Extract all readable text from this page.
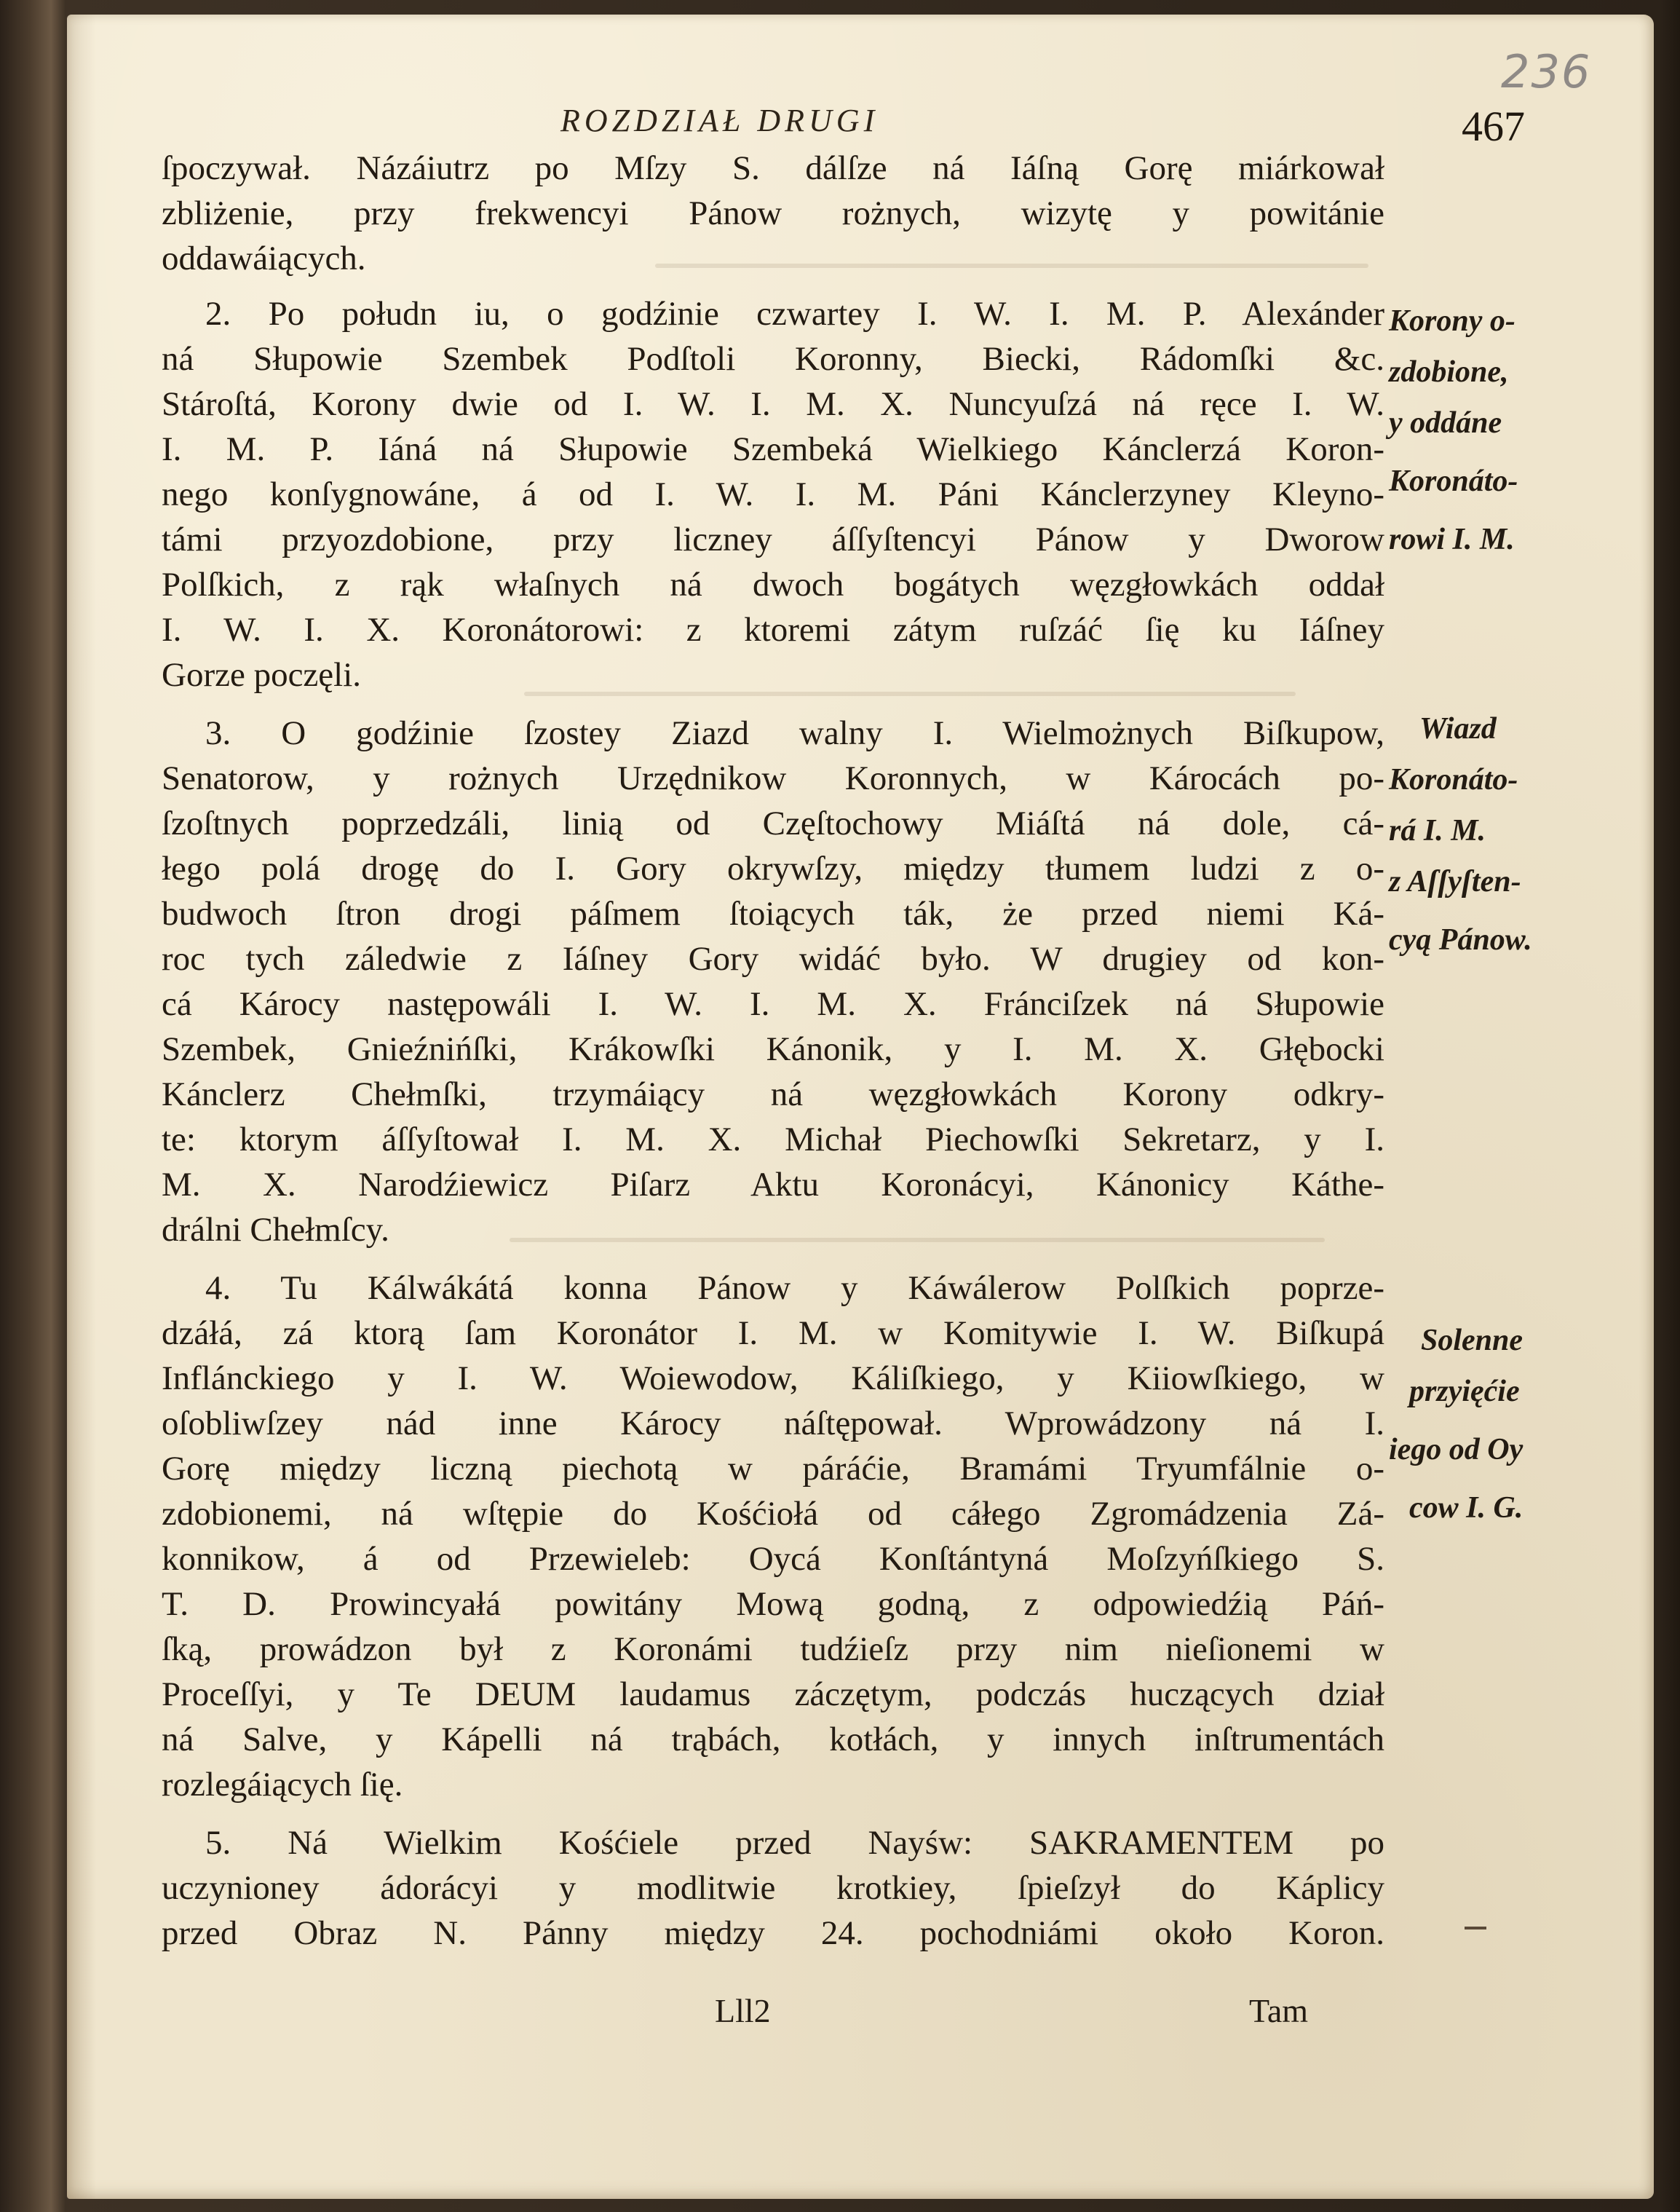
236
ROZDZIAŁ DRUGI	467
ſpoczywał. Názáiutrz po Mſzy S. dálſze ná Iáſną Gorę miárkował
zbliżenie, przy frekwencyi Pánow rożnych, wizytę y powitánie
oddawáiących.
2. Po połudn iu, o godźinie czwartey I. W. I. M. P. Alexánder
ná Słupowie Szembek Podſtoli Koronny, Biecki, Rádomſki &c.
Stároſtá, Korony dwie od I. W. I. M. X. Nuncyuſzá ná ręce I. W.
I. M. P. Iáná ná Słupowie Szembeká Wielkiego Kánclerzá Koron-
nego konſygnowáne, á od I. W. I. M. Páni Kánclerzyney Kleyno-
támi przyozdobione, przy liczney áſſyſtencyi Pánow y Dworow
Polſkich, z rąk właſnych ná dwoch bogátych węzgłowkách oddał
I. W. I. X. Koronátorowi: z ktoremi zátym ruſzáć ſię ku Iáſney
Gorze poczęli.
3. O godźinie ſzostey Ziazd walny I. Wielmożnych Biſkupow,
Senatorow, y rożnych Urzędnikow Koronnych, w Károcách po-
ſzoſtnych poprzedzáli, linią od Częſtochowy Miáſtá ná dole, cá-
łego polá drogę do I. Gory okrywſzy, między tłumem ludzi z o-
budwoch ſtron drogi páſmem ſtoiących ták, że przed niemi Ká-
roc tych záledwie z Iáſney Gory widáć było. W drugiey od kon-
cá Károcy następowáli I. W. I. M. X. Fránciſzek ná Słupowie
Szembek, Gnieźnińſki, Krákowſki Kánonik, y I. M. X. Głębocki
Kánclerz Chełmſki, trzymáiący ná węzgłowkách Korony odkry-
te: ktorym áſſyſtował I. M. X. Michał Piechowſki Sekretarz, y I.
M. X. Narodźiewicz Piſarz Aktu Koronácyi, Kánonicy Káthe-
drálni Chełmſcy.
4. Tu Kálwákátá konna Pánow y Káwálerow Polſkich poprze-
dzáłá, zá ktorą ſam Koronátor I. M. w Komitywie I. W. Biſkupá
Inflánckiego y I. W. Woiewodow, Káliſkiego, y Kiiowſkiego, w
oſobliwſzey nád inne Károcy náſtępował. Wprowádzony ná I.
Gorę między liczną piechotą w páráćie, Bramámi Tryumfálnie o-
zdobionemi, ná wſtępie do Kośćiołá od cáłego Zgromádzenia Zá-
konnikow, á od Przewieleb: Oycá Konſtántyná Moſzyńſkiego S.
T. D. Prowincyałá powitány Mową godną, z odpowiedźią Páń-
ſką, prowádzon był z Koronámi tudźieſz przy nim nieſionemi w
Proceſſyi, y Te DEUM laudamus záczętym, podczás huczących dział
ná Salve, y Kápelli ná trąbách, kotłách, y innych inſtrumentách
rozlegáiących ſię.
5. Ná Wielkim Kośćiele przed Nayśw: SAKRAMENTEM po
uczynioney ádorácyi y modlitwie krotkiey, ſpieſzył do Káplicy
przed Obraz N. Pánny między 24. pochodniámi około Koron.
Korony o-
zdobione,
y oddáne
Koronáto-
rowi I. M.
Wiazd
Koronáto-
rá I. M.
z Aſſyſten-
cyą Pánow.
Solenne
przyięćie
iego od Oy
cow I. G.
Lll2	Tam
